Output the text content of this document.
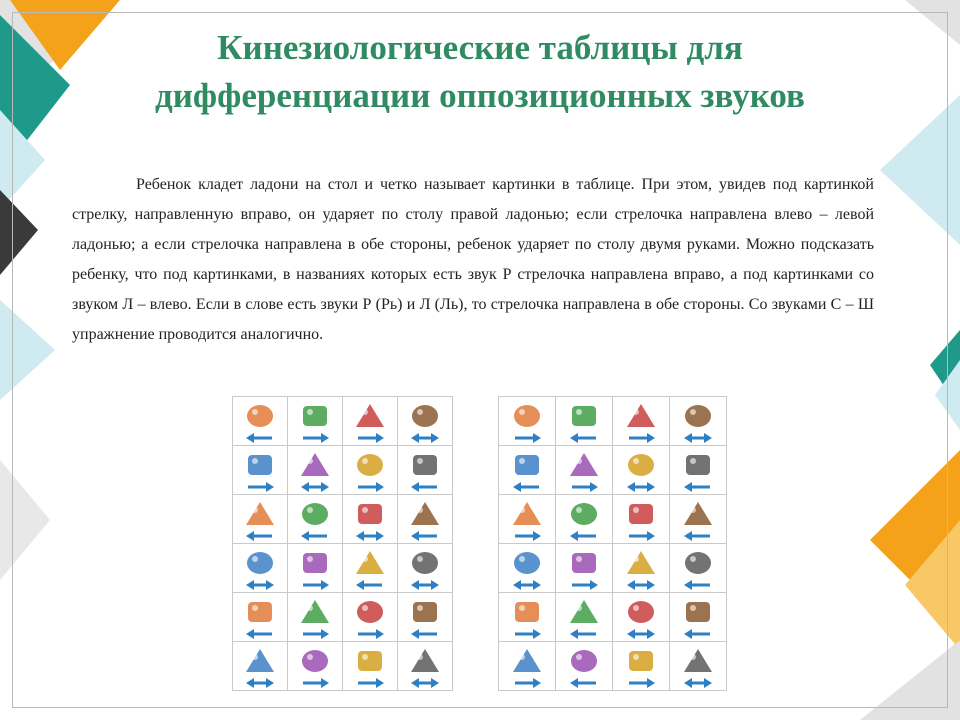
Кинезиологические таблицы для дифференциации оппозиционных звуков

Ребенок кладет ладони на стол и четко называет картинки в таблице. При этом, увидев под картинкой стрелку, направленную вправо, он ударяет по столу правой ладонью; если стрелочка направлена влево – левой ладонью; а если стрелочка направлена в обе стороны, ребенок ударяет по столу двумя руками. Можно подсказать ребенку, что под картинками, в названиях которых есть звук Р стрелочка направлена вправо, а под картинками со звуком Л – влево. Если в слове есть звуки Р (Рь) и Л (Ль), то стрелочка направлена в обе стороны. Со звуками С – Ш упражнение проводится аналогично.
